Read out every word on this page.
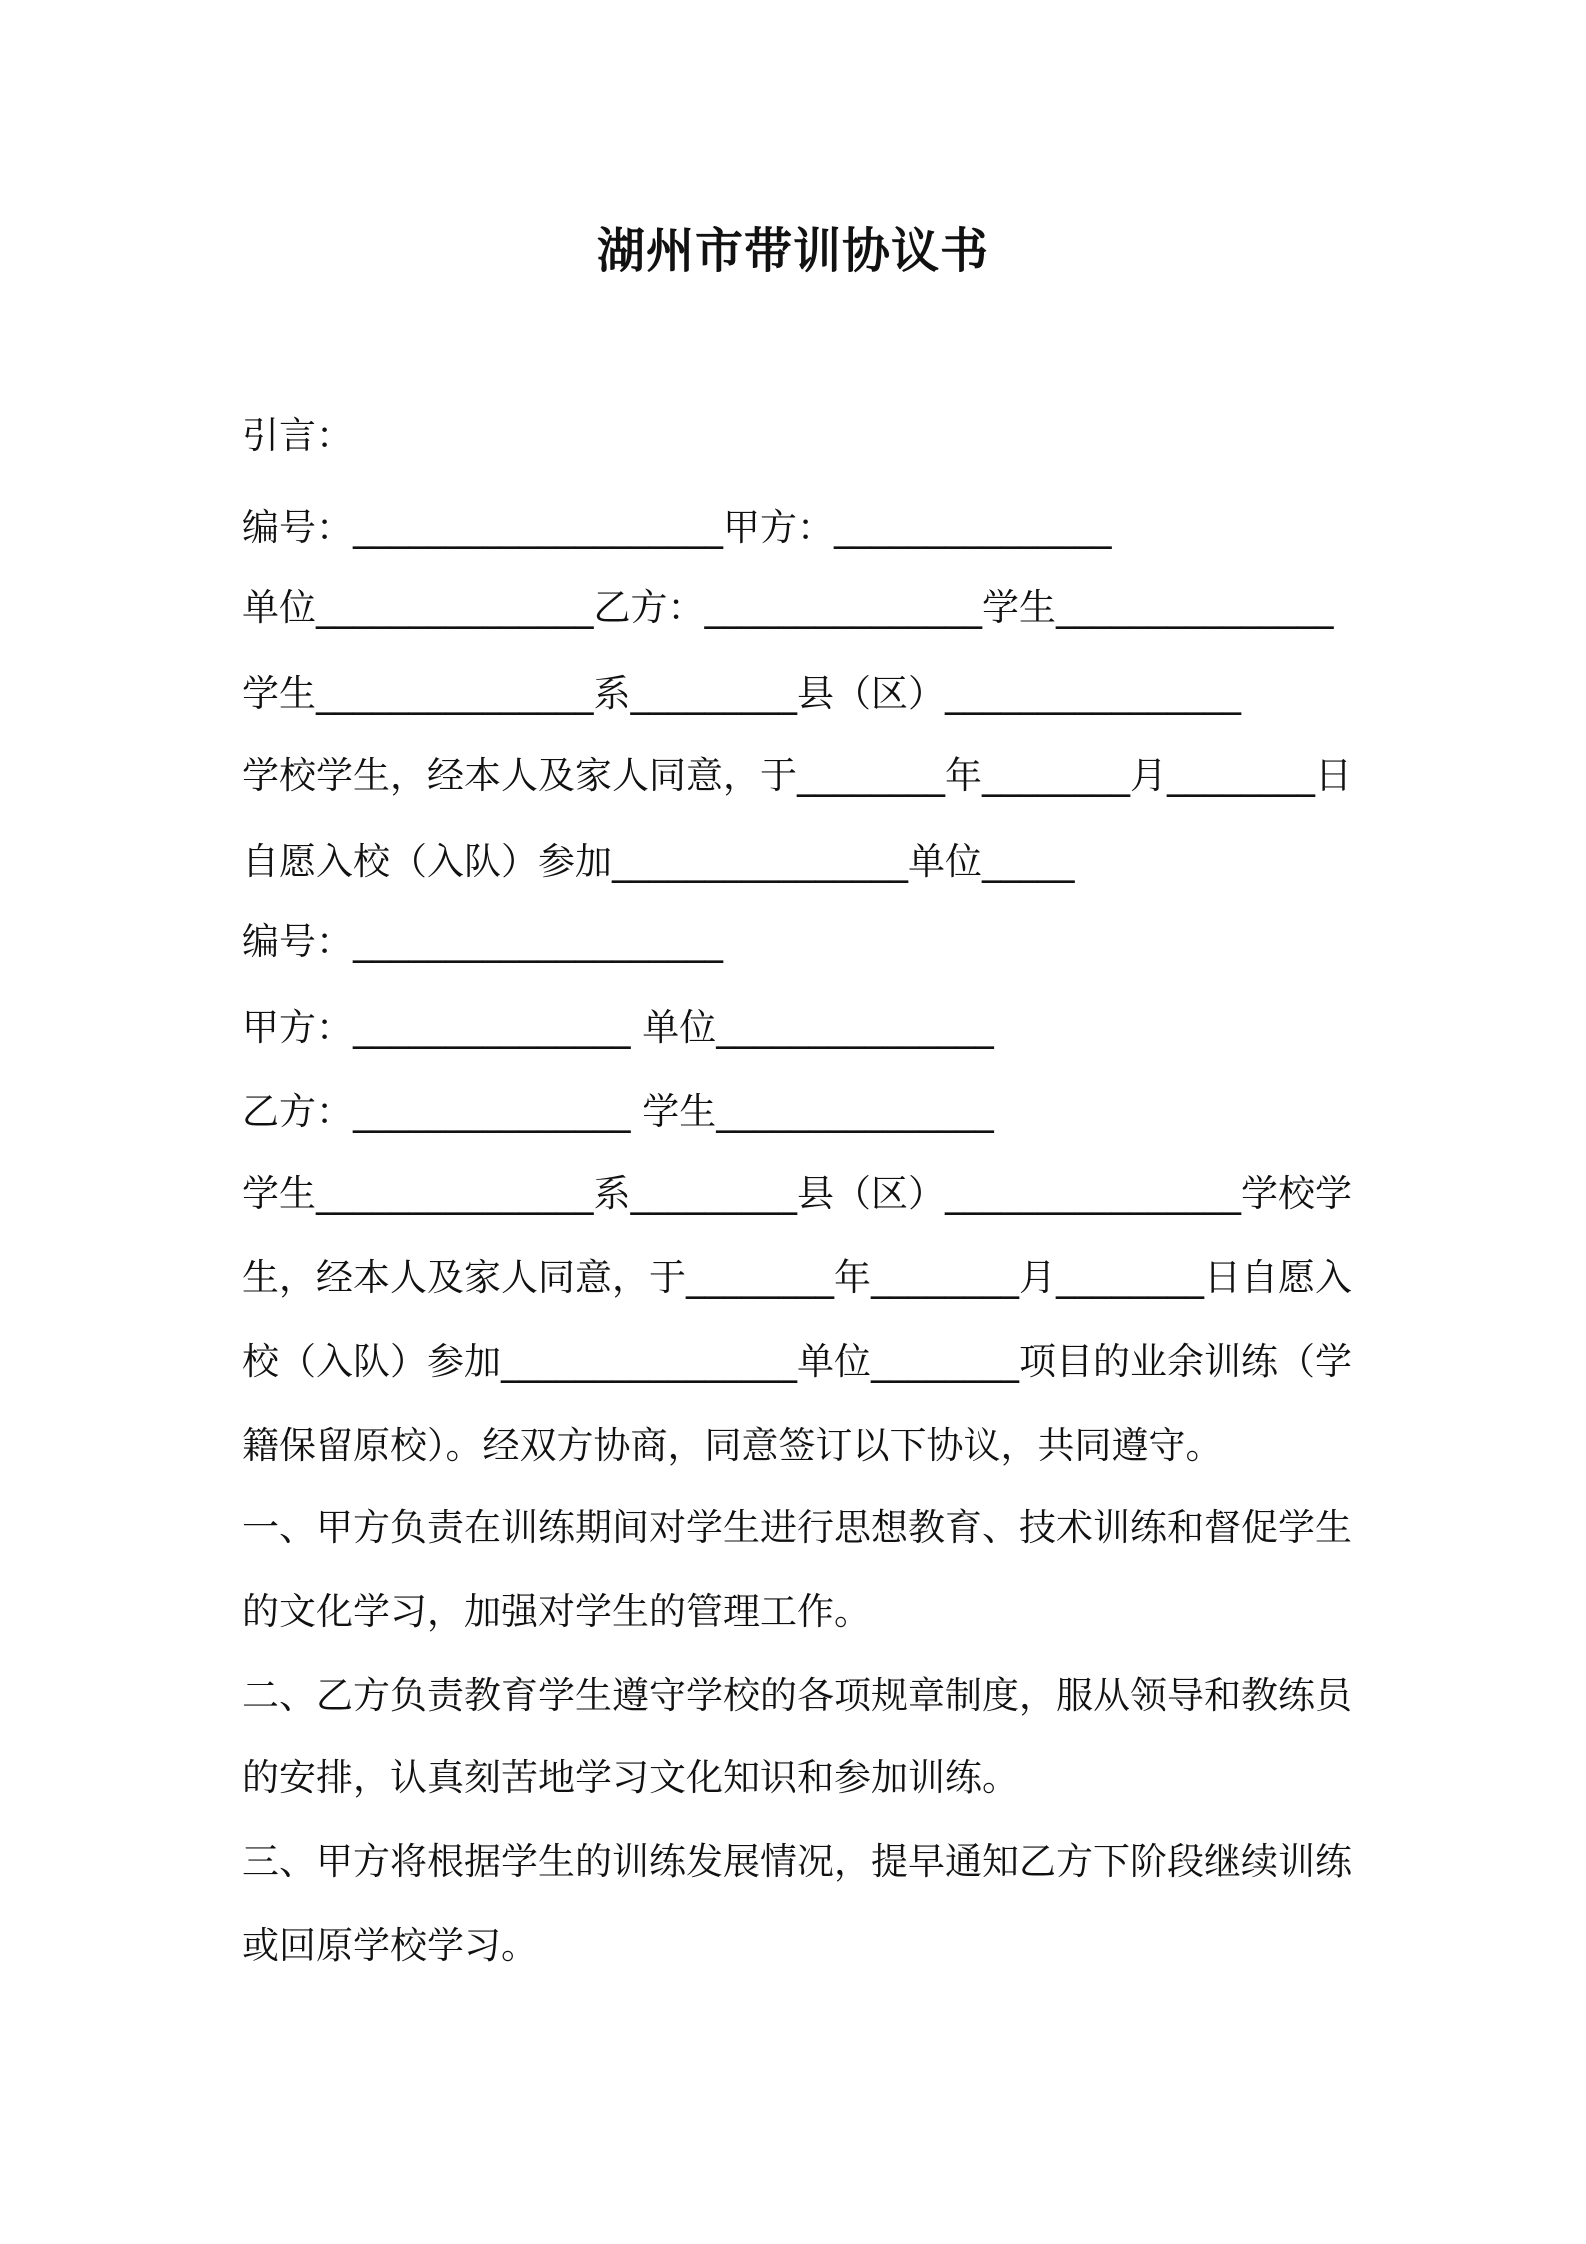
湖州市带训协议书

引言：

编号：____________________甲方：_______________

单位_______________乙方：_______________学生_______________

学生_______________系_________县（区）________________

学校学生，经本人及家人同意，于________年________月________日

自愿入校（入队）参加________________单位_____

编号：____________________

甲方：_______________ 单位_______________

乙方：_______________ 学生_______________

学生_______________系_________县（区）________________学校学

生，经本人及家人同意，于________年________月________日自愿入

校（入队）参加________________单位________项目的业余训练（学

籍保留原校）。经双方协商，同意签订以下协议，共同遵守。

一、甲方负责在训练期间对学生进行思想教育、技术训练和督促学生

的文化学习，加强对学生的管理工作。

二、乙方负责教育学生遵守学校的各项规章制度，服从领导和教练员

的安排，认真刻苦地学习文化知识和参加训练。

三、甲方将根据学生的训练发展情况，提早通知乙方下阶段继续训练

或回原学校学习。
